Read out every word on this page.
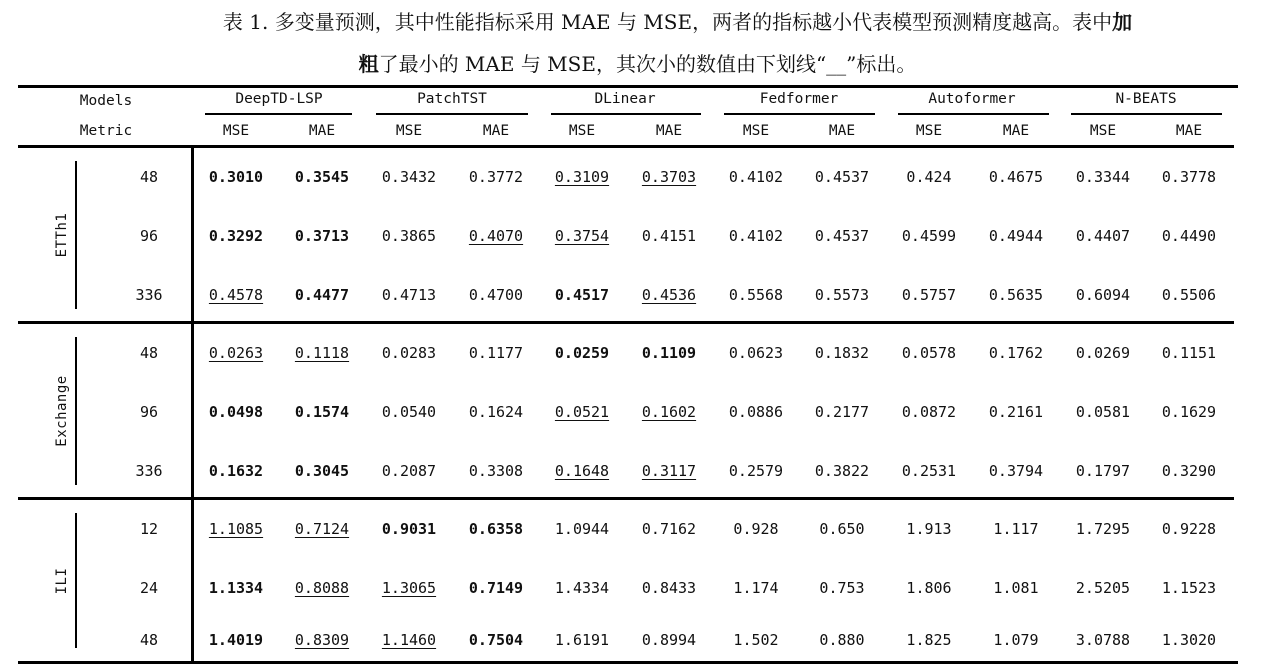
表 1. 多变量预测，其中性能指标采用 MAE 与 MSE，两者的指标越小代表模型预测精度越高。表中加
粗了最小的 MAE 与 MSE，其次小的数值由下划线“__”标出。
Models
Metric
DeepTD-LSP	PatchTST	DLinear	Fedformer	Autoformer	N-BEATS
MSE	MAE	MSE	MAE	MSE	MAE	MSE	MAE	MSE	MAE	MSE	MAE
ETTh1
48	0.3010 0.3545 0.3432 0.3772 0.3109 0.3703 0.4102 0.4537 0.424 0.4675 0.3344 0.3778
96	0.3292 0.3713 0.3865 0.4070 0.3754 0.4151 0.4102 0.4537 0.4599 0.4944 0.4407 0.4490
336	0.4578 0.4477 0.4713 0.4700 0.4517 0.4536 0.5568 0.5573 0.5757 0.5635 0.6094 0.5506
Exchange
48	0.0263 0.1118 0.0283 0.1177 0.0259 0.1109 0.0623 0.1832 0.0578 0.1762 0.0269 0.1151
96	0.0498 0.1574 0.0540 0.1624 0.0521 0.1602 0.0886 0.2177 0.0872 0.2161 0.0581 0.1629
336	0.1632 0.3045 0.2087 0.3308 0.1648 0.3117 0.2579 0.3822 0.2531 0.3794 0.1797 0.3290
ILI
12	1.1085 0.7124 0.9031 0.6358 1.0944 0.7162 0.928	0.650	1.913	1.117 1.7295 0.9228
24	1.1334 0.8088 1.3065 0.7149 1.4334 0.8433 1.174	0.753	1.806	1.081 2.5205 1.1523
48	1.4019 0.8309 1.1460 0.7504 1.6191 0.8994 1.502	0.880	1.825	1.079 3.0788 1.3020
